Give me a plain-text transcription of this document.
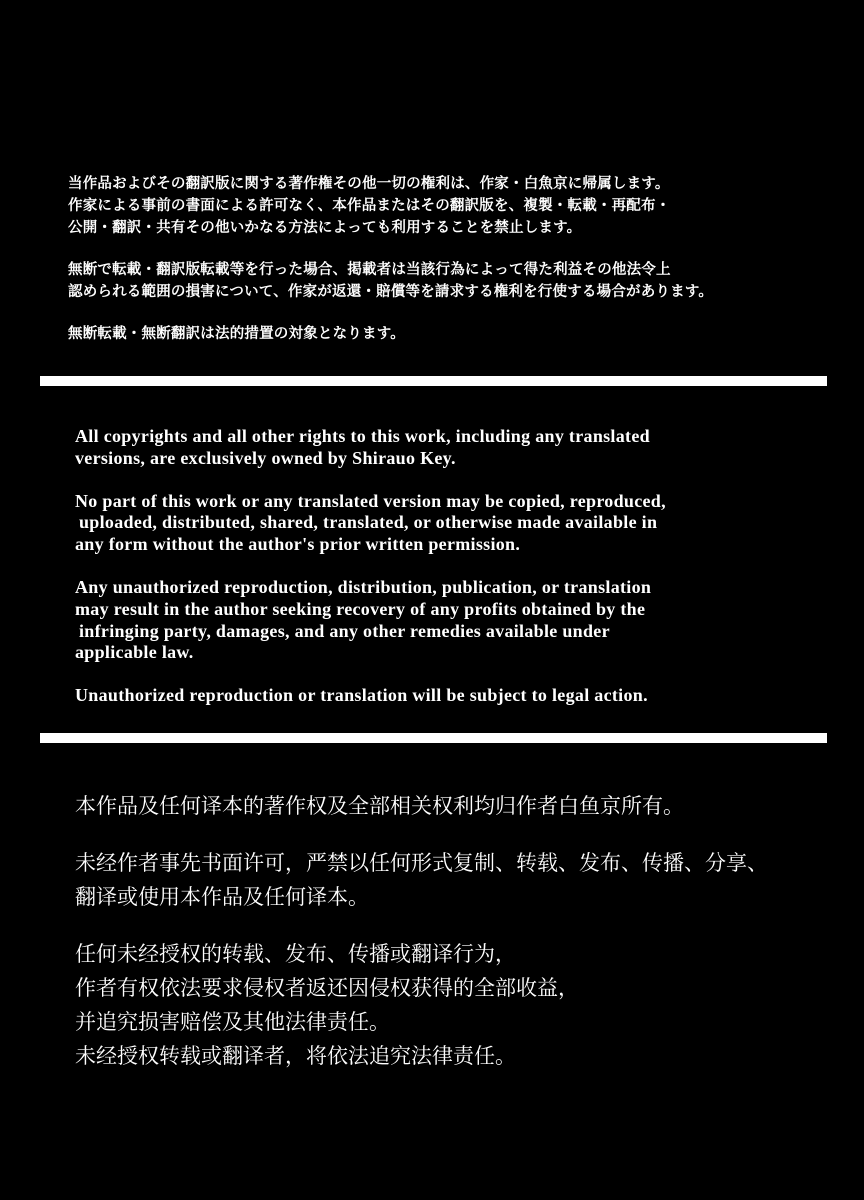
当作品およびその翻訳版に関する著作権その他一切の権利は、作家・白魚京に帰属します。

作家による事前の書面による許可なく、本作品またはその翻訳版を、複製・転載・再配布・

公開・翻訳・共有その他いかなる方法によっても利用することを禁止します。

無断で転載・翻訳版転載等を行った場合、掲載者は当該行為によって得た利益その他法令上

認められる範囲の損害について、作家が返還・賠償等を請求する権利を行使する場合があります。

無断転載・無断翻訳は法的措置の対象となります。

All copyrights and all other rights to this work, including any translated

versions, are exclusively owned by Shirauo Key.

No part of this work or any translated version may be copied, reproduced,

uploaded, distributed, shared, translated, or otherwise made available in

any form without the author's prior written permission.

Any unauthorized reproduction, distribution, publication, or translation

may result in the author seeking recovery of any profits obtained by the

infringing party, damages, and any other remedies available under

applicable law.

Unauthorized reproduction or translation will be subject to legal action.

本作品及任何译本的著作权及全部相关权利均归作者白鱼京所有。

未经作者事先书面许可，严禁以任何形式复制、转载、发布、传播、分享、

翻译或使用本作品及任何译本。

任何未经授权的转载、发布、传播或翻译行为，

作者有权依法要求侵权者返还因侵权获得的全部收益，

并追究损害赔偿及其他法律责任。

未经授权转载或翻译者，将依法追究法律责任。
